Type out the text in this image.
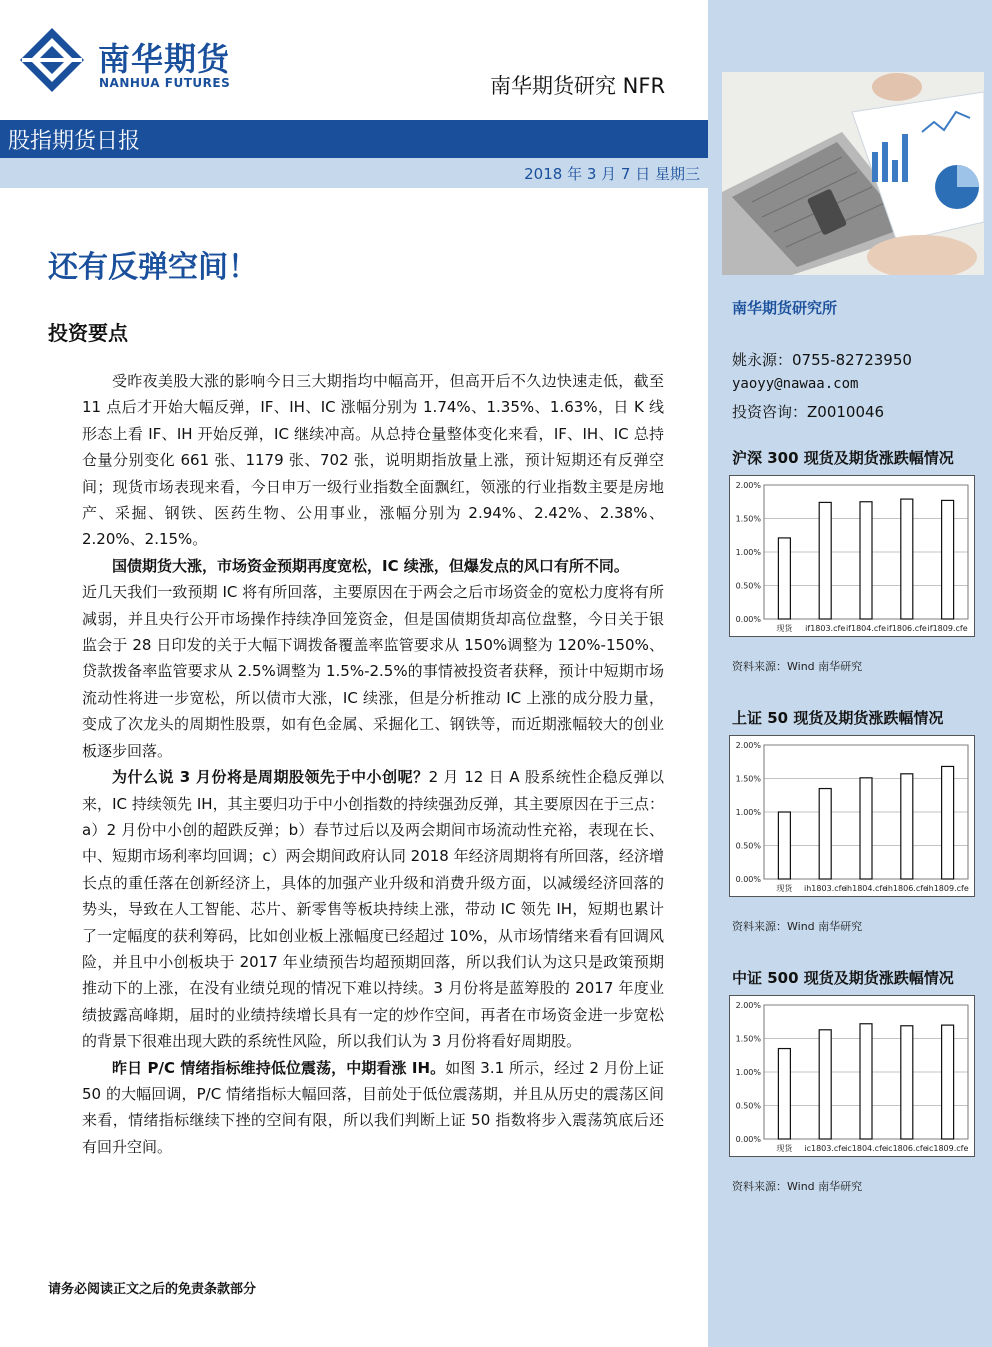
南华期货研究所
姚永源：0755-82723950
yaoyy@nawaa.com
投资咨询：Z0010046
沪深 300 现货及期货涨跌幅情况
0.00%
0.50%
1.00%
1.50%
2.00%
现货 if1803.cfe if1804.cfe if1806.cfe if1809.cfe
资料来源：Wind 南华研究
上证 50 现货及期货涨跌幅情况
0.00%
0.50%
1.00%
1.50%
2.00%
现货 ih1803.cfe
ih1804.cfe
ih1806.cfe
ih1809.cfe
资料来源：Wind 南华研究
中证 500 现货及期货涨跌幅情况
0.00%
0.50%
1.00%
1.50%
2.00%
现货 ic1803.cfe ic1804.cfe ic1806.cfe ic1809.cfe
资料来源：Wind 南华研究
南华期货
NANHUA FUTURES	南华期货研究 NFR
股指期货日报
2018 年 3 月 7 日 星期三
还有反弹空间！
投资要点

受昨夜美股大涨的影响今日三大期指均中幅高开，但高开后不久边快速走低，截至 11 点后才开始大幅反弹，IF、IH、IC 涨幅分别为 1.74%、1.35%、1.63%，日 K 线形态上看 IF、IH 开始反弹，IC 继续冲高。从总持仓量整体变化来看，IF、IH、IC 总持仓量分别变化 661 张、1179 张、702 张，说明期指放量上涨，预计短期还有反弹空间；现货市场表现来看，今日申万一级行业指数全面飘红，领涨的行业指数主要是房地产、采掘、钢铁、医药生物、公用事业，涨幅分别为 2.94%、2.42%、2.38%、2.20%、2.15%。

国债期货大涨，市场资金预期再度宽松，IC 续涨，但爆发点的风口有所不同。

近几天我们一致预期 IC 将有所回落，主要原因在于两会之后市场资金的宽松力度将有所减弱，并且央行公开市场操作持续净回笼资金，但是国债期货却高位盘整，今日关于银监会于 28 日印发的关于大幅下调拨备覆盖率监管要求从 150%调整为 120%-150%、贷款拨备率监管要求从 2.5%调整为 1.5%-2.5%的事情被投资者获释，预计中短期市场流动性将进一步宽松，所以债市大涨，IC 续涨，但是分析推动 IC 上涨的成分股力量，变成了次龙头的周期性股票，如有色金属、采掘化工、钢铁等，而近期涨幅较大的创业板逐步回落。

为什么说 3 月份将是周期股领先于中小创呢？2 月 12 日 A 股系统性企稳反弹以来，IC 持续领先 IH，其主要归功于中小创指数的持续强劲反弹，其主要原因在于三点：a）2 月份中小创的超跌反弹；b）春节过后以及两会期间市场流动性充裕，表现在长、中、短期市场利率均回调；c）两会期间政府认同 2018 年经济周期将有所回落，经济增长点的重任落在创新经济上，具体的加强产业升级和消费升级方面，以减缓经济回落的势头，导致在人工智能、芯片、新零售等板块持续上涨，带动 IC 领先 IH，短期也累计了一定幅度的获利筹码，比如创业板上涨幅度已经超过 10%，从市场情绪来看有回调风险，并且中小创板块于 2017 年业绩预告均超预期回落，所以我们认为这只是政策预期推动下的上涨，在没有业绩兑现的情况下难以持续。3 月份将是蓝筹股的 2017 年度业绩披露高峰期，届时的业绩持续增长具有一定的炒作空间，再者在市场资金进一步宽松的背景下很难出现大跌的系统性风险，所以我们认为 3 月份将看好周期股。

昨日 P/C 情绪指标维持低位震荡，中期看涨 IH。如图 3.1 所示，经过 2 月份上证 50 的大幅回调，P/C 情绪指标大幅回落，目前处于低位震荡期，并且从历史的震荡区间来看，情绪指标继续下挫的空间有限，所以我们判断上证 50 指数将步入震荡筑底后还有回升空间。

请务必阅读正文之后的免责条款部分
